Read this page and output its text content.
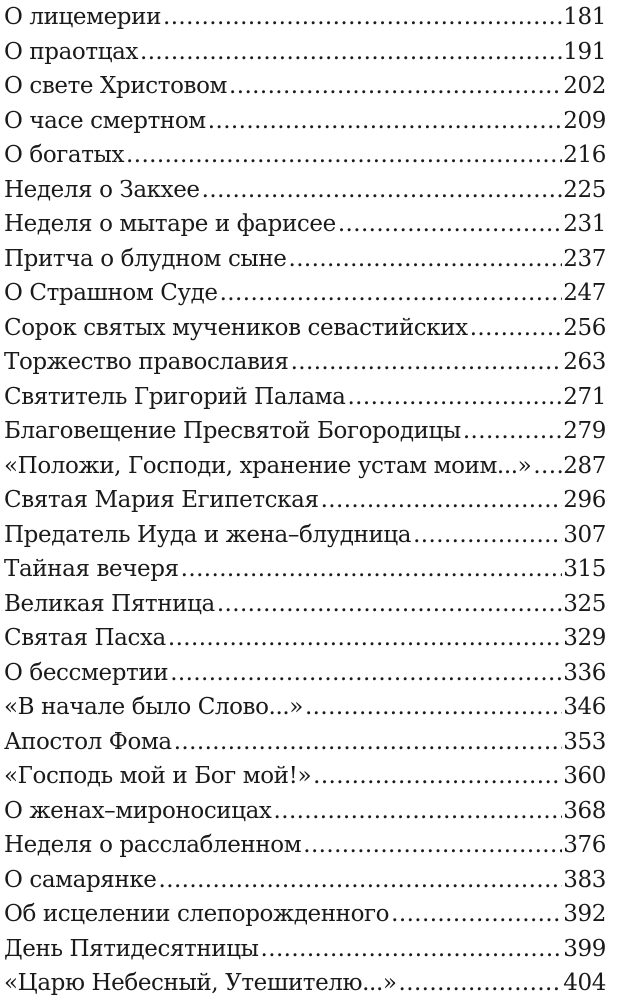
О лицемерии .....	181
О праотцах .....	191
О свете Христовом .....	202
О часе смертном .....	209
О богатых .....	216
Неделя о Закхее .....	225
Неделя о мытаре и фарисее .....	231
Притча о блудном сыне .....	237
О Страшном Суде .....	247
Сорок святых мучеников севастийских .....	256
Торжество православия .....	263
Святитель Григорий Палама .....	271
Благовещение Пресвятой Богородицы .....	279
«Положи, Господи, хранение устам моим...» ..... 287
Святая Мария Египетская .....	296
Предатель Иуда и жена–блудница .....	307
Тайная вечеря .....	315
Великая Пятница .....	325
Святая Пасха .....	329
О бессмертии .....	336
«В начале было Слово...» .....	346
Апостол Фома .....	353
«Господь мой и Бог мой!» .....	360
О женах–мироносицах .....	368
Неделя о расслабленном .....	376
О самарянке .....	383
Об исцелении слепорожденного .....	392
День Пятидесятницы .....	399
«Царю Небесный, Утешителю...» .....	404
